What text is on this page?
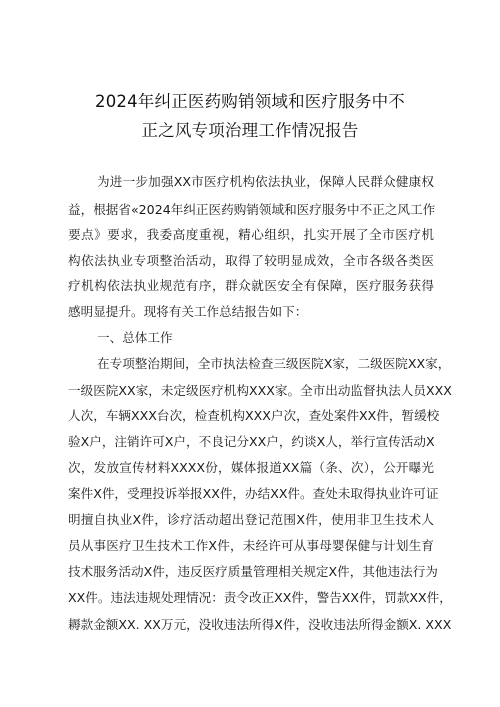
2024年纠正医药购销领域和医疗服务中不
正之风专项治理工作情况报告
为进一步加强XX市医疗机构依法执业，保障人民群众健康权
益，根据省«2024年纠正医药购销领域和医疗服务中不正之风工作
要点》要求，我委高度重视，精心组织，扎实开展了全市医疗机
构依法执业专项整治活动，取得了较明显成效，全市各级各类医
疗机构依法执业规范有序，群众就医安全有保障，医疗服务获得
感明显提升。现将有关工作总结报告如下：
一、总体工作
在专项整治期间，全市执法检查三级医院X家，二级医院XX家，
一级医院XX家，未定级医疗机构XXX家。全市出动监督执法人员XXX
人次，车辆XXX台次，检查机构XXX户次，查处案件XX件，暂缓校
验X户，注销许可X户，不良记分XX户，约谈X人，举行宣传活动X
次，发放宣传材料XXXX份，媒体报道XX篇（条、次），公开曝光
案件X件，受理投诉举报XX件，办结XX件。查处未取得执业许可证
明擅自执业X件，诊疗活动超出登记范围X件，使用非卫生技术人
员从事医疗卫生技术工作X件，未经许可从事母婴保健与计划生育
技术服务活动X件，违反医疗质量管理相关规定X件，其他违法行为
XX件。违法违规处理情况：责令改正XX件，警告XX件，罚款XX件，
耨款金额XX. XX万元，没收违法所得X件，没收违法所得金额X. XXX
